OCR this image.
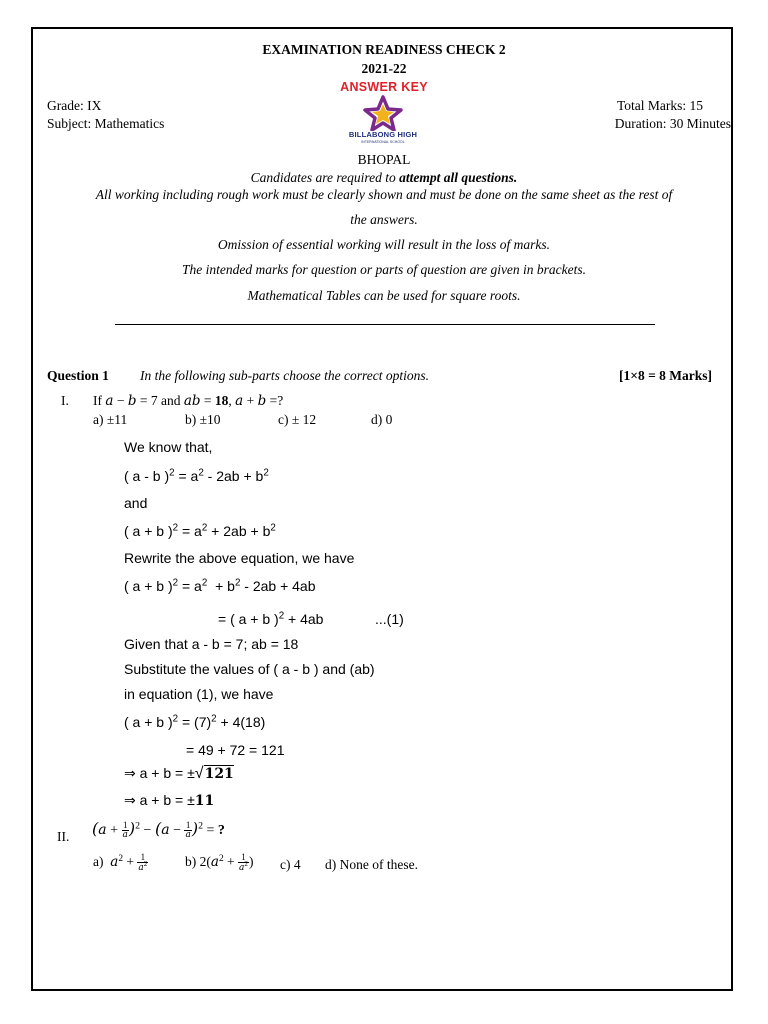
EXAMINATION READINESS CHECK 2
2021-22
ANSWER KEY
Grade: IX
Subject: Mathematics
Total Marks: 15
Duration: 30 Minutes
BILLABONG HIGH
INTERNATIONAL SCHOOL
BHOPAL
Candidates are required to attempt all questions.
All working including rough work must be clearly shown and must be done on the same sheet as the rest of
the answers.
Omission of essential working will result in the loss of marks.
The intended marks for question or parts of question are given in brackets.
Mathematical Tables can be used for square roots.
Question 1 In the following sub-parts choose the correct options.	[1×8 = 8 Marks]
I. If a − b = 7 and ab = 18, a + b =?
a) ±11	b) ±10	c) ± 12	d) 0
We know that,
( a - b )$^2 = a^2 - 2ab + b^2$
and
( a + b )$^2 = a^2 + 2ab + b^2$
Rewrite the above equation, we have
( a + b )$^2 = a^2 + b^2 - 2ab + 4ab$
= ( a + b )$^2$ + 4ab	...(1)
Given that a - b = 7; ab = 18
Substitute the values of ( a - b ) and (ab)
in equation (1), we have
( a + b )$^2 = (7)^2 + 4(18)$
= 49 + 72 = 121
⇒ a + b = ±√121
⇒ a + b = ±11
II. $(a + \frac{1}{a} )^2 - (a - \frac{1}{a} )^2$ = ?
a)  $a^2 + \frac{1}{a^2}$	b) $2(a^2 + \frac{1}{a^2}$ ) c) 4 d) None of these.
